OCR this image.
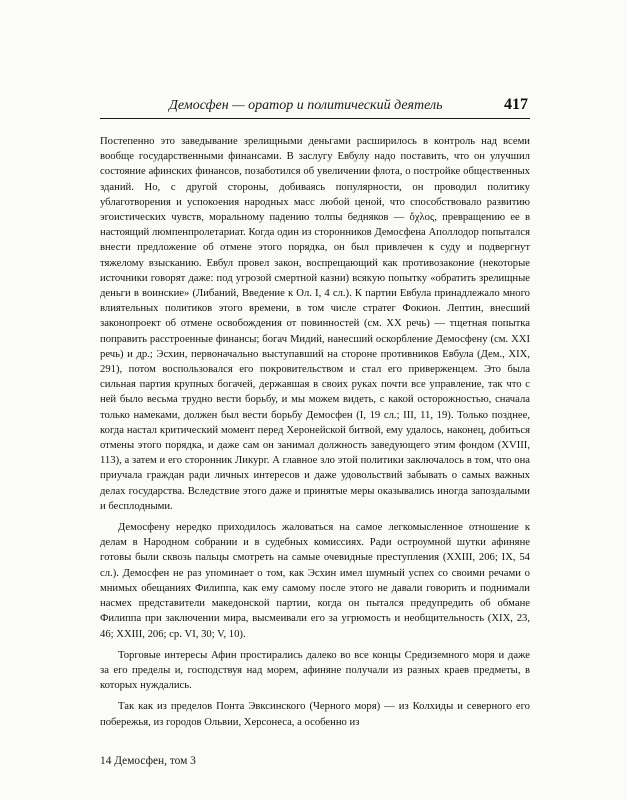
Демосфен — оратор и политический деятель	417

Постепенно это заведывание зрелищными деньгами расширилось в контроль над всеми вообще государственными финансами. В заслугу Евбулу надо поставить, что он улучшил состояние афинских финансов, позаботился об увеличении флота, о постройке общественных зданий. Но, с другой стороны, добиваясь популярности, он проводил политику ублаготворения и успокоения народных масс любой ценой, что способствовало развитию эгоистических чувств, моральному падению толпы бедняков — ὄχλος, превращению ее в настоящий люмпенпролетариат. Когда один из сторонников Демосфена Аполлодор попытался внести предложение об отмене этого порядка, он был привлечен к суду и подвергнут тяжелому взысканию. Евбул провел закон, воспрещающий как противозаконие (некоторые источники говорят даже: под угрозой смертной казни) всякую попытку «обратить зрелищные деньги в воинские» (Либаний, Введение к Ол. I, 4 сл.). К партии Евбула принадлежало много влиятельных политиков этого времени, в том числе стратег Фокион. Лептин, внесший законопроект об отмене освобождения от повинностей (см. XX речь) — тщетная попытка поправить расстроенные финансы; богач Мидий, нанесший оскорбление Демосфену (см. XXI речь) и др.; Эсхин, первоначально выступавший на стороне противников Евбула (Дем., XIX, 291), потом воспользовался его покровительством и стал его приверженцем. Это была сильная партия крупных богачей, державшая в своих руках почти все управление, так что с ней было весьма трудно вести борьбу, и мы можем видеть, с какой осторожностью, сначала только намеками, должен был вести борьбу Демосфен (I, 19 сл.; III, 11, 19). Только позднее, когда настал критический момент перед Херонейской битвой, ему удалось, наконец, добиться отмены этого порядка, и даже сам он занимал должность заведующего этим фондом (XVIII, 113), а затем и его сторонник Ликург. А главное зло этой политики заключалось в том, что она приучала граждан ради личных интересов и даже удовольствий забывать о самых важных делах государства. Вследствие этого даже и принятые меры оказывались иногда запоздалыми и бесплодными.

Демосфену нередко приходилось жаловаться на самое легкомысленное отношение к делам в Народном собрании и в судебных комиссиях. Ради остроумной шутки афиняне готовы были сквозь пальцы смотреть на самые очевидные преступления (XXIII, 206; IX, 54 сл.). Демосфен не раз упоминает о том, как Эсхин имел шумный успех со своими речами о мнимых обещаниях Филиппа, как ему самому после этого не давали говорить и поднимали насмех представители македонской партии, когда он пытался предупредить об обмане Филиппа при заключении мира, высмеивали его за угрюмость и необщительность (XIX, 23, 46; XXIII, 206; ср. VI, 30; V, 10).

Торговые интересы Афин простирались далеко во все концы Средиземного моря и даже за его пределы и, господствуя над морем, афиняне получали из разных краев предметы, в которых нуждались.

Так как из пределов Понта Эвксинского (Черного моря) — из Колхиды и северного его побережья, из городов Ольвии, Херсонеса, а особенно из

14 Демосфен, том 3
